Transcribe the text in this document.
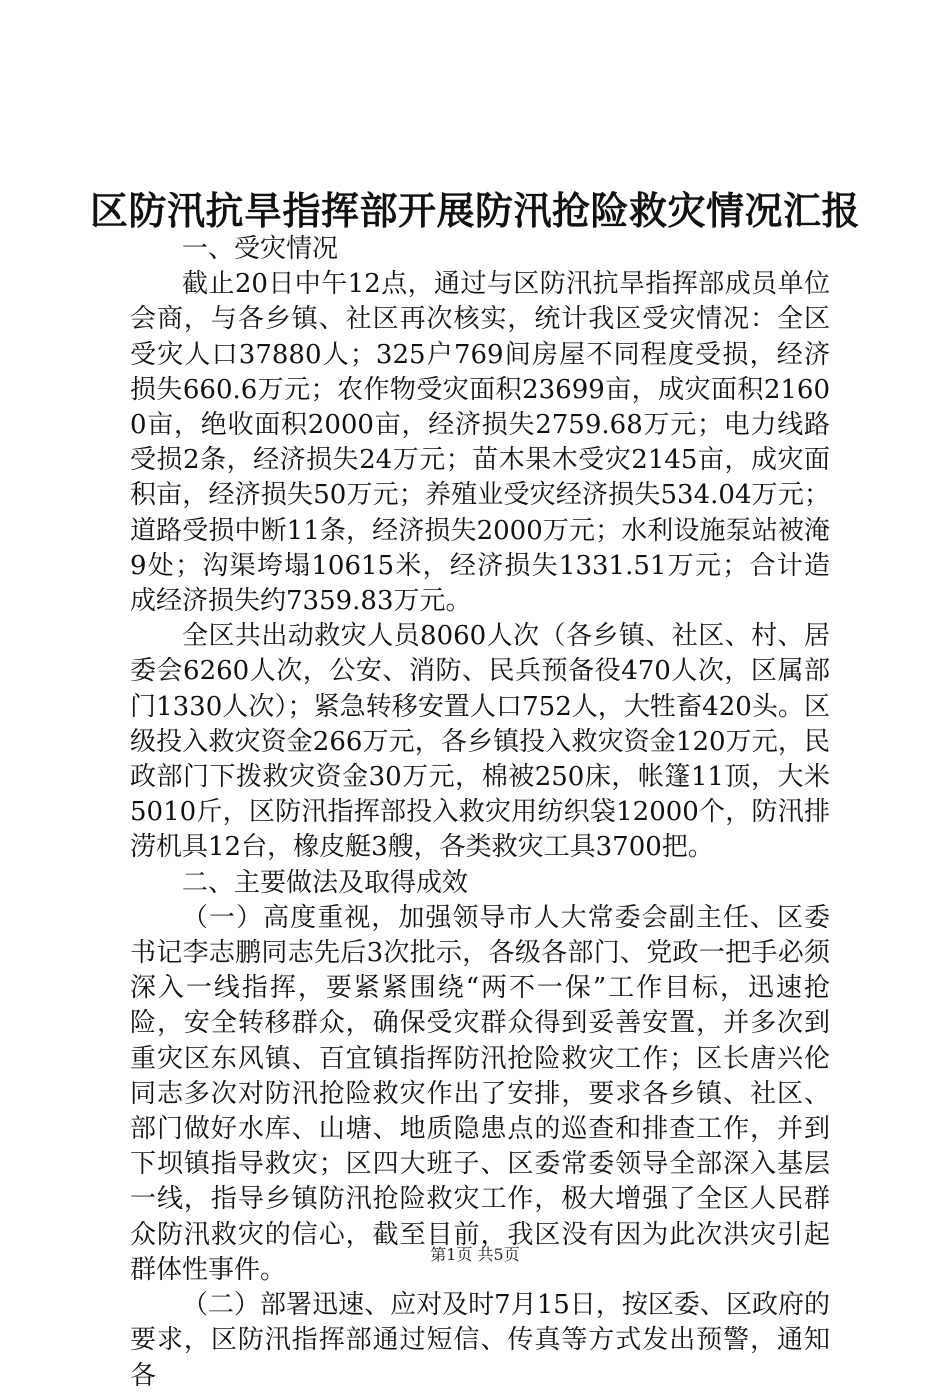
区防汛抗旱指挥部开展防汛抢险救灾情况汇报

一、受灾情况

截止20日中午12点，通过与区防汛抗旱指挥部成员单位会商，与各乡镇、社区再次核实，统计我区受灾情况：全区受灾人口37880人；325户769间房屋不同程度受损，经济损失660.6万元；农作物受灾面积23699亩，成灾面积21600亩，绝收面积2000亩，经济损失2759.68万元；电力线路受损2条，经济损失24万元；苗木果木受灾2145亩，成灾面积亩，经济损失50万元；养殖业受灾经济损失534.04万元；道路受损中断11条，经济损失2000万元；水利设施泵站被淹9处；沟渠垮塌10615米，经济损失1331.51万元；合计造成经济损失约7359.83万元。

全区共出动救灾人员8060人次（各乡镇、社区、村、居委会6260人次，公安、消防、民兵预备役470人次，区属部门1330人次）；紧急转移安置人口752人，大牲畜420头。区级投入救灾资金266万元，各乡镇投入救灾资金120万元，民政部门下拨救灾资金30万元，棉被250床，帐篷11顶，大米5010斤，区防汛指挥部投入救灾用纺织袋12000个，防汛排涝机具12台，橡皮艇3艘，各类救灾工具3700把。

二、主要做法及取得成效

（一）高度重视，加强领导市人大常委会副主任、区委书记李志鹏同志先后3次批示，各级各部门、党政一把手必须深入一线指挥，要紧紧围绕“两不一保”工作目标，迅速抢险，安全转移群众，确保受灾群众得到妥善安置，并多次到重灾区东风镇、百宜镇指挥防汛抢险救灾工作；区长唐兴伦同志多次对防汛抢险救灾作出了安排，要求各乡镇、社区、部门做好水库、山塘、地质隐患点的巡查和排查工作，并到下坝镇指导救灾；区四大班子、区委常委领导全部深入基层一线，指导乡镇防汛抢险救灾工作，极大增强了全区人民群众防汛救灾的信心，截至目前，我区没有因为此次洪灾引起群体性事件。

（二）部署迅速、应对及时7月15日，按区委、区政府的要求，区防汛指挥部通过短信、传真等方式发出预警，通知各

第1页 共5页
